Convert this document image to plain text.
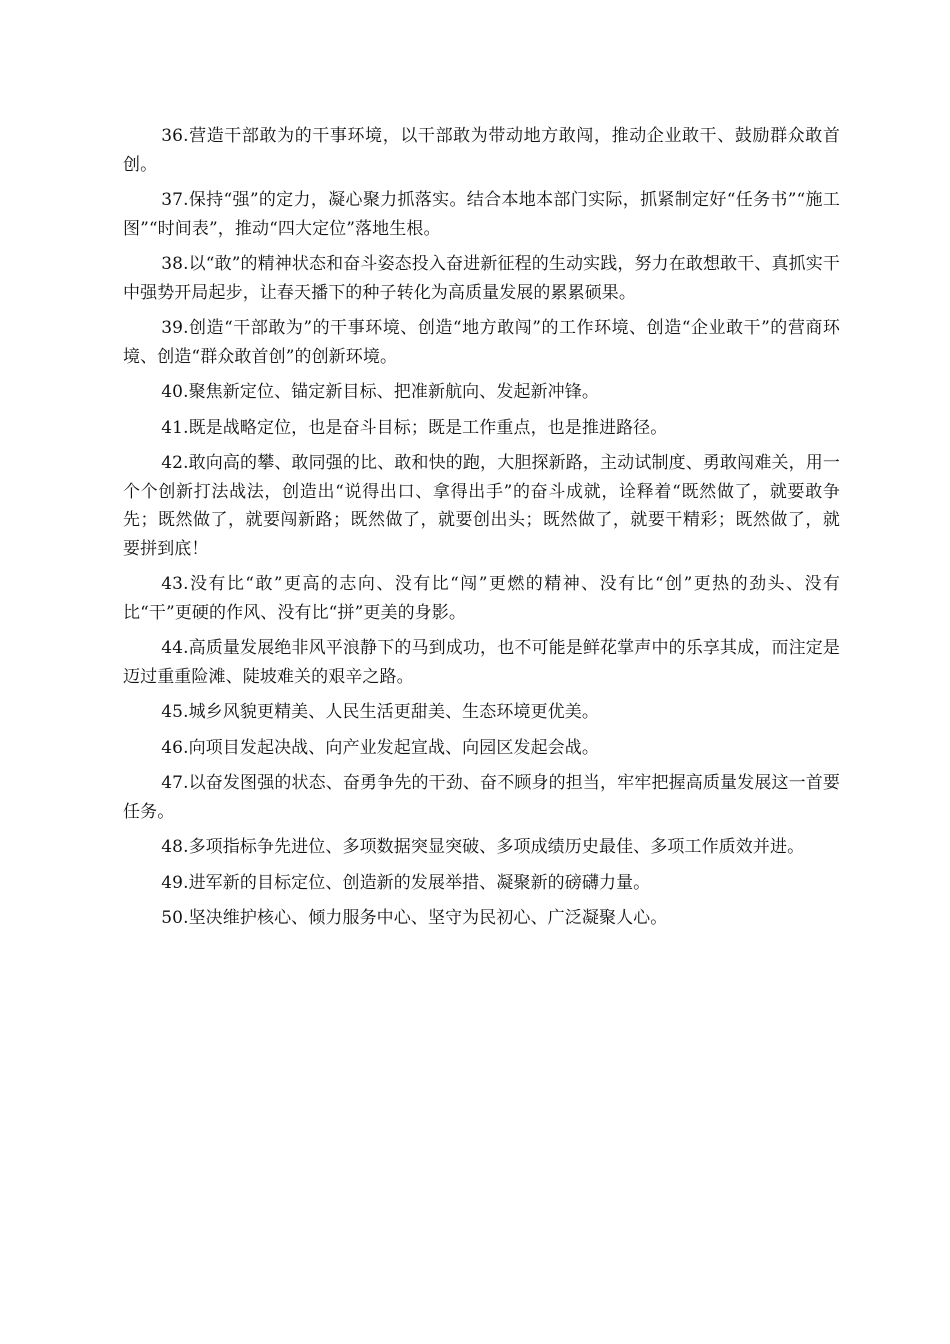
36.营造干部敢为的干事环境，以干部敢为带动地方敢闯，推动企业敢干、鼓励群众敢首创。

37.保持“强”的定力，凝心聚力抓落实。结合本地本部门实际，抓紧制定好“任务书”“施工图”“时间表”，推动“四大定位”落地生根。

38.以“敢”的精神状态和奋斗姿态投入奋进新征程的生动实践，努力在敢想敢干、真抓实干中强势开局起步，让春天播下的种子转化为高质量发展的累累硕果。

39.创造“干部敢为”的干事环境、创造“地方敢闯”的工作环境、创造“企业敢干”的营商环境、创造“群众敢首创”的创新环境。

40.聚焦新定位、锚定新目标、把准新航向、发起新冲锋。

41.既是战略定位，也是奋斗目标；既是工作重点，也是推进路径。

42.敢向高的攀、敢同强的比、敢和快的跑，大胆探新路，主动试制度、勇敢闯难关，用一个个创新打法战法，创造出“说得出口、拿得出手”的奋斗成就，诠释着“既然做了，就要敢争先；既然做了，就要闯新路；既然做了，就要创出头；既然做了，就要干精彩；既然做了，就要拼到底！

43.没有比“敢”更高的志向、没有比“闯”更燃的精神、没有比“创”更热的劲头、没有比“干”更硬的作风、没有比“拼”更美的身影。

44.高质量发展绝非风平浪静下的马到成功，也不可能是鲜花掌声中的乐享其成，而注定是迈过重重险滩、陡坡难关的艰辛之路。

45.城乡风貌更精美、人民生活更甜美、生态环境更优美。

46.向项目发起决战、向产业发起宣战、向园区发起会战。

47.以奋发图强的状态、奋勇争先的干劲、奋不顾身的担当，牢牢把握高质量发展这一首要任务。

48.多项指标争先进位、多项数据突显突破、多项成绩历史最佳、多项工作质效并进。

49.进军新的目标定位、创造新的发展举措、凝聚新的磅礴力量。

50.坚决维护核心、倾力服务中心、坚守为民初心、广泛凝聚人心。
